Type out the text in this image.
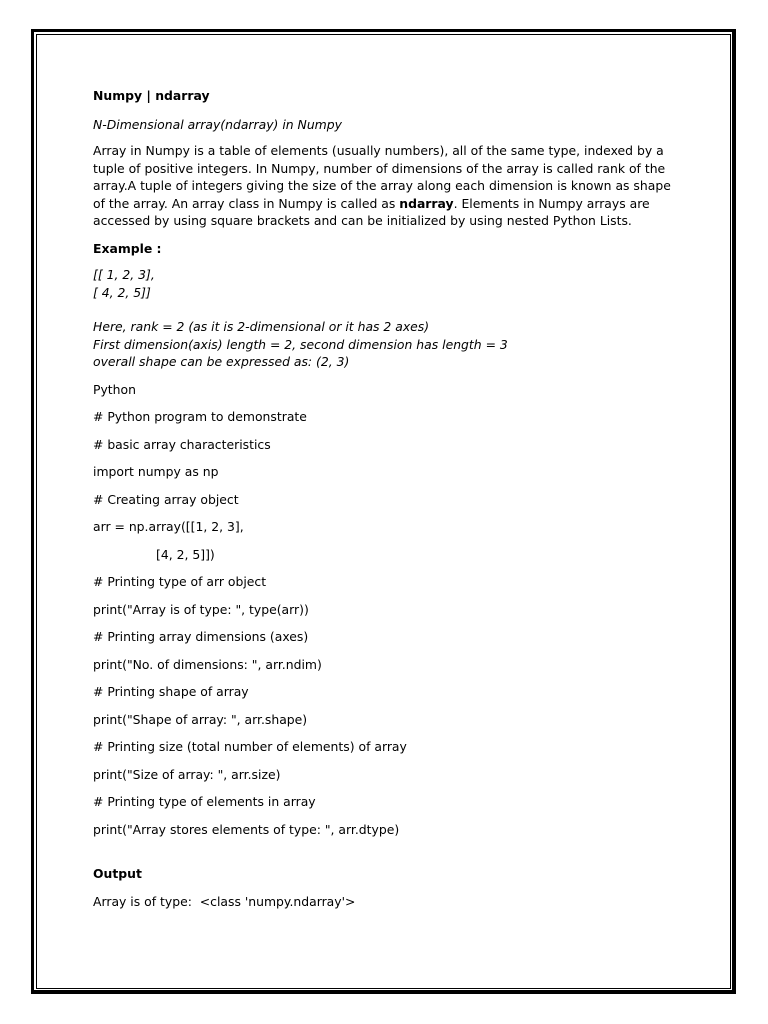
Numpy | ndarray

N-Dimensional array(ndarray) in Numpy

Array in Numpy is a table of elements (usually numbers), all of the same type, indexed by a tuple of positive integers. In Numpy, number of dimensions of the array is called rank of the array.A tuple of integers giving the size of the array along each dimension is known as shape of the array. An array class in Numpy is called as ndarray. Elements in Numpy arrays are accessed by using square brackets and can be initialized by using nested Python Lists.

Example :

[[ 1, 2, 3],

[ 4, 2, 5]]

Here, rank = 2 (as it is 2-dimensional or it has 2 axes)

First dimension(axis) length = 2, second dimension has length = 3

overall shape can be expressed as: (2, 3)

Python

# Python program to demonstrate

# basic array characteristics

import numpy as np

# Creating array object

arr = np.array([[1, 2, 3],

[4, 2, 5]])

# Printing type of arr object

print("Array is of type: ", type(arr))

# Printing array dimensions (axes)

print("No. of dimensions: ", arr.ndim)

# Printing shape of array

print("Shape of array: ", arr.shape)

# Printing size (total number of elements) of array

print("Size of array: ", arr.size)

# Printing type of elements in array

print("Array stores elements of type: ", arr.dtype)

Output

Array is of type:  <class 'numpy.ndarray'>
